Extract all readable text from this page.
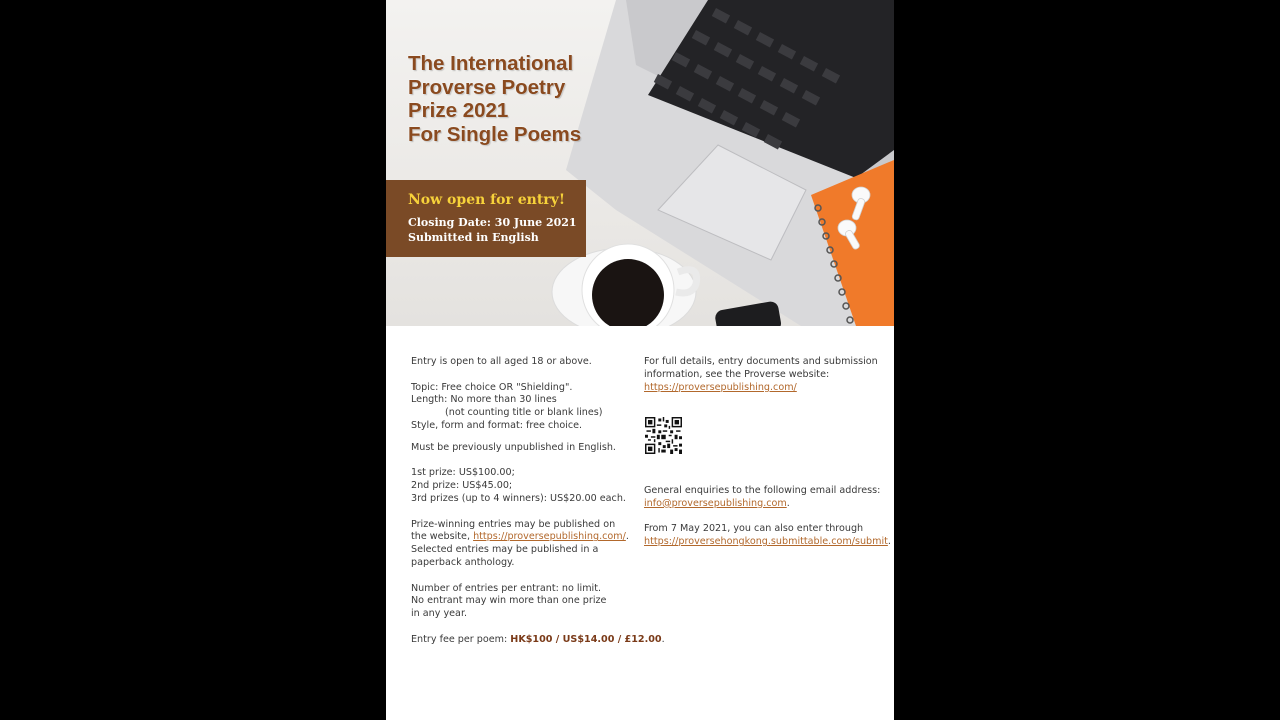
The International
Proverse Poetry
Prize 2021
For Single Poems
Now open for entry!
Closing Date: 30 June 2021
Submitted in English

Entry is open to all aged 18 or above.

Topic: Free choice OR "Shielding".

Length: No more than 30 lines

(not counting title or blank lines)

Style, form and format: free choice.

Must be previously unpublished in English.

1st prize: US$100.00;

2nd prize: US$45.00;

3rd prizes (up to 4 winners): US$20.00 each.

Prize-winning entries may be published on

the website, https://proversepublishing.com/.

Selected entries may be published in a

paperback anthology.

Number of entries per entrant: no limit.

No entrant may win more than one prize

in any year.

Entry fee per poem: HK$100 / US$14.00 / £12.00.

For full details, entry documents and submission

information, see the Proverse website:

https://proversepublishing.com/

General enquiries to the following email address:

info@proversepublishing.com.

From 7 May 2021, you can also enter through

https://proversehongkong.submittable.com/submit.
